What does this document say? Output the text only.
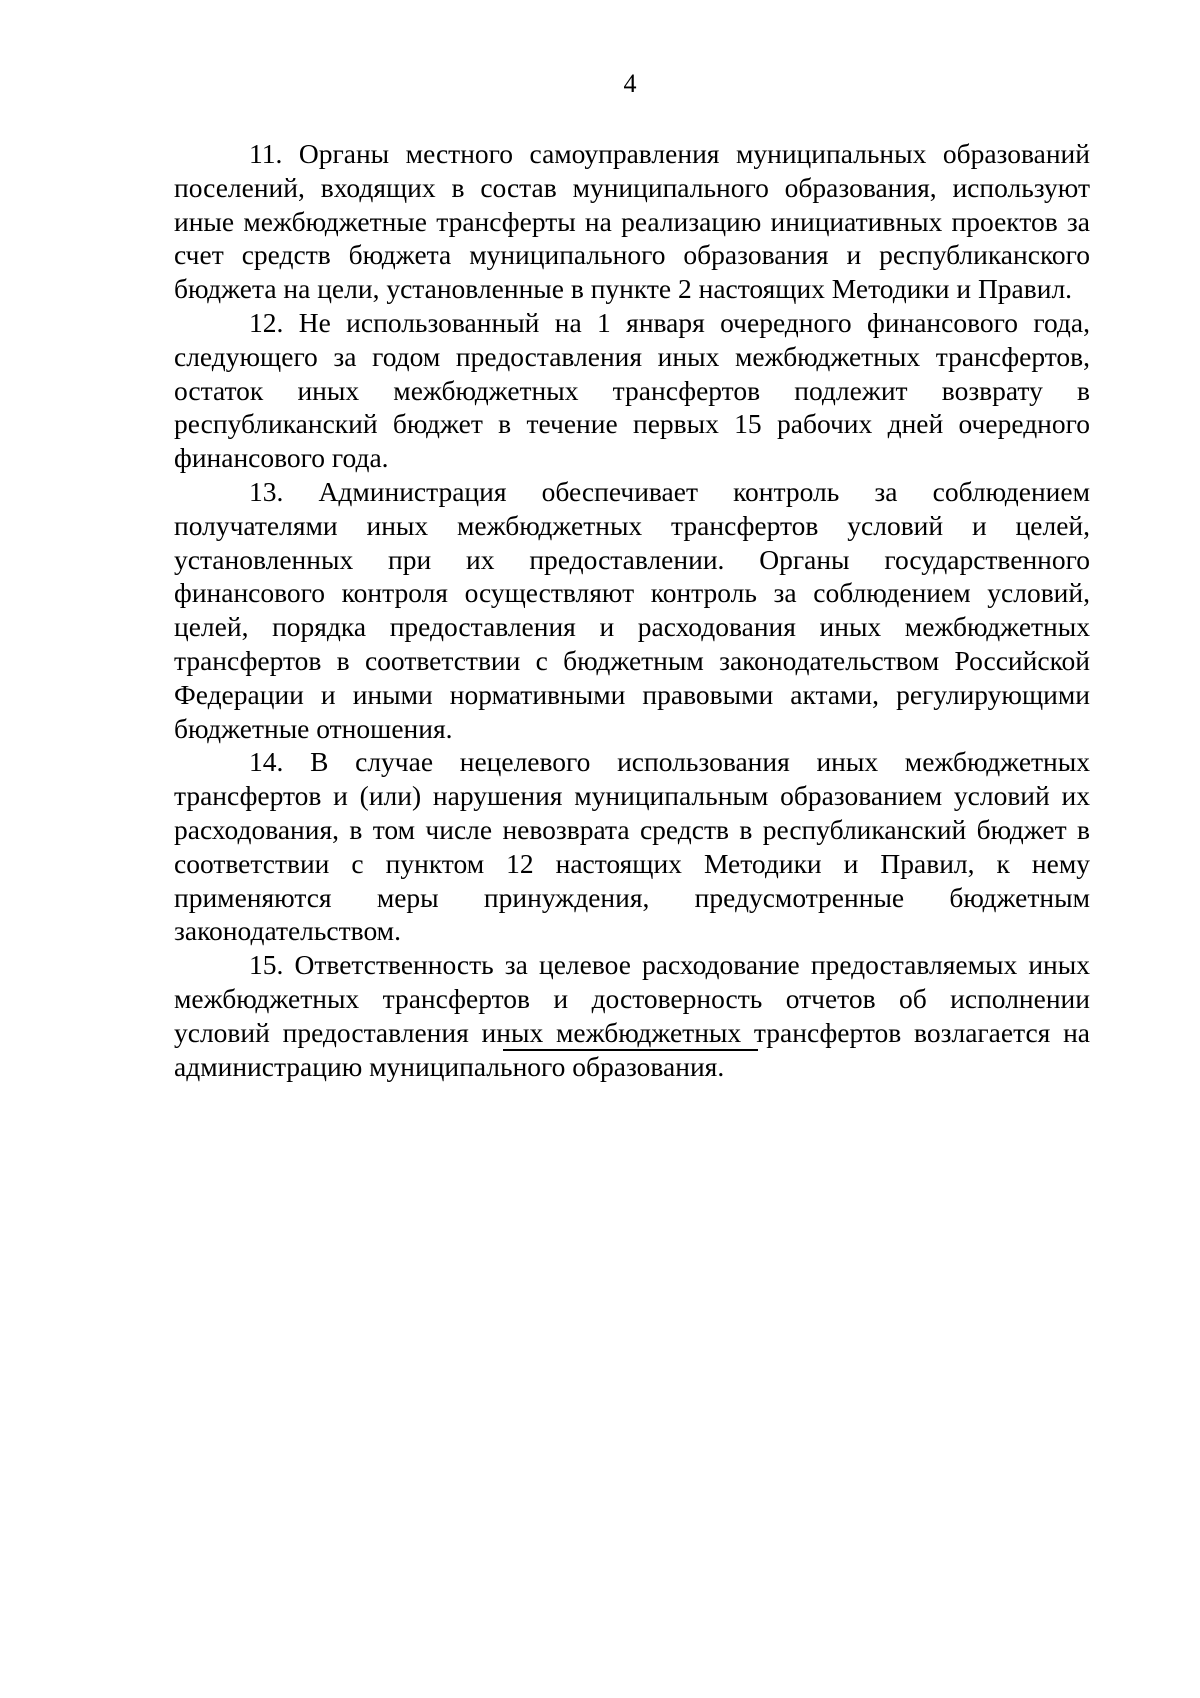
4

11. Органы местного самоуправления муниципальных образований поселений, входящих в состав муниципального образования, используют иные межбюджетные трансферты на реализацию инициативных проектов за счет средств бюджета муниципального образования и республиканского бюджета на цели, установленные в пункте 2 настоящих Методики и Правил.

12. Не использованный на 1 января очередного финансового года, следующего за годом предоставления иных межбюджетных трансфертов, остаток иных межбюджетных трансфертов подлежит возврату в республиканский бюджет в течение первых 15 рабочих дней очередного финансового года.

13. Администрация обеспечивает контроль за соблюдением получателями иных межбюджетных трансфертов условий и целей, установленных при их предоставлении. Органы государственного финансового контроля осуществляют контроль за соблюдением условий, целей, порядка предоставления и расходования иных межбюджетных трансфертов в соответствии с бюджетным законодательством Российской Федерации и иными нормативными правовыми актами, регулирующими бюджетные отношения.

14. В случае нецелевого использования иных межбюджетных трансфертов и (или) нарушения муниципальным образованием условий их расходования, в том числе невозврата средств в республиканский бюджет в соответствии с пунктом 12 настоящих Методики и Правил, к нему применяются меры принуждения, предусмотренные бюджетным законодательством.

15. Ответственность за целевое расходование предоставляемых иных межбюджетных трансфертов и достоверность отчетов об исполнении условий предоставления иных межбюджетных трансфертов возлагается на администрацию муниципального образования.
